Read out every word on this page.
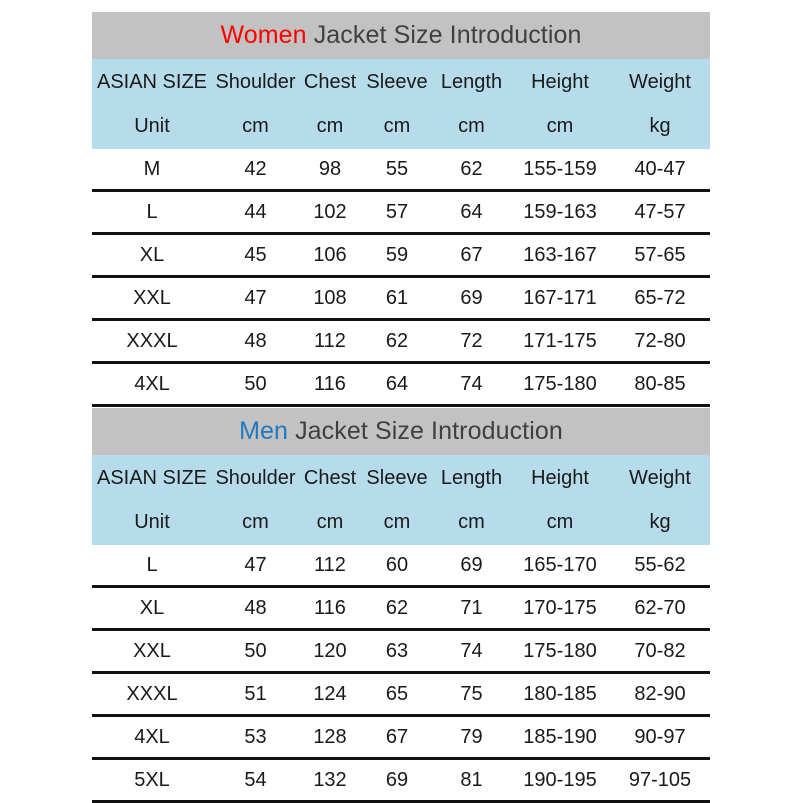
Women Jacket Size Introduction
ASIAN SIZE	Shoulder	Chest	Sleeve	Length	Height	Weight
Unit	cm	cm	cm	cm	cm	kg
M	42	98	55	62	155-159	40-47
L	44	102	57	64	159-163	47-57
XL	45	106	59	67	163-167	57-65
XXL	47	108	61	69	167-171	65-72
XXXL	48	112	62	72	171-175	72-80
4XL	50	116	64	74	175-180	80-85
Men Jacket Size Introduction
ASIAN SIZE	Shoulder	Chest	Sleeve	Length	Height	Weight
Unit	cm	cm	cm	cm	cm	kg
L	47	112	60	69	165-170	55-62
XL	48	116	62	71	170-175	62-70
XXL	50	120	63	74	175-180	70-82
XXXL	51	124	65	75	180-185	82-90
4XL	53	128	67	79	185-190	90-97
5XL	54	132	69	81	190-195	97-105
